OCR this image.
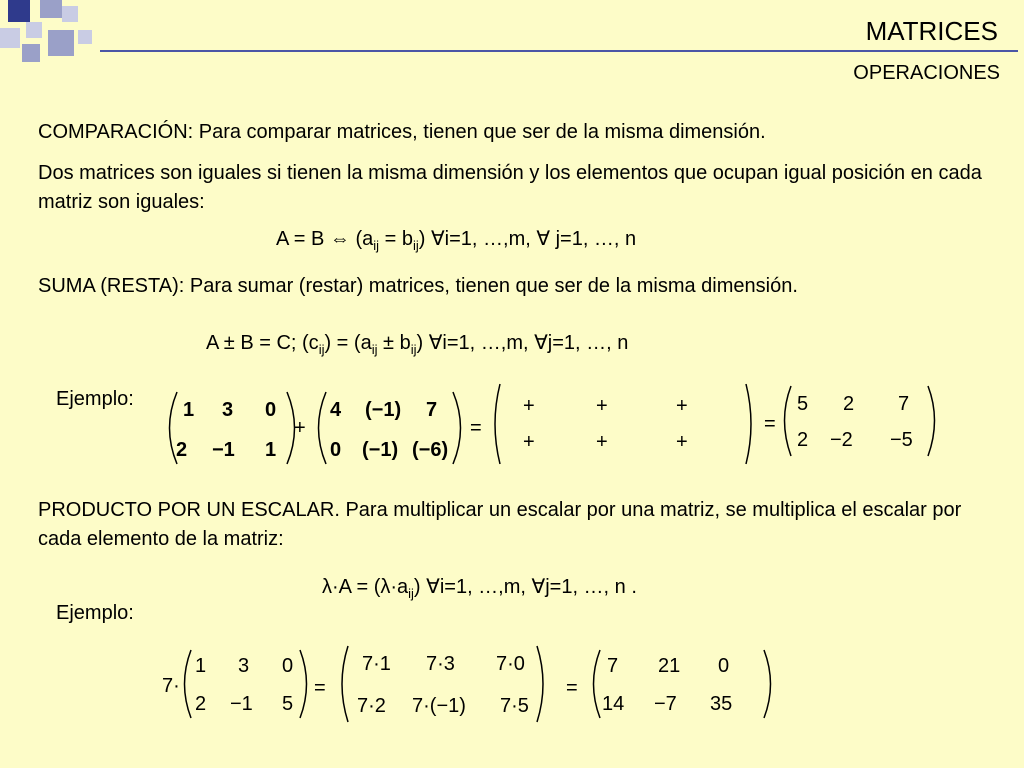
MATRICES
OPERACIONES
COMPARACIÓN: Para comparar matrices, tienen que ser de la misma dimensión.
Dos matrices son iguales si tienen la misma dimensión y los elementos que ocupan igual posición en cada matriz son iguales:
A = B ⇔ $(a_{ij} = b_{ij})$ ∀i=1, …,m, ∀ j=1, …, n
SUMA (RESTA): Para sumar (restar) matrices, tienen que ser de la misma dimensión.
A ± B = C; $(c_{ij}) = (a_{ij} \pm b_{ij})$ ∀i=1, …,m, ∀j=1, …, n
Ejemplo:
PRODUCTO POR UN ESCALAR. Para multiplicar un escalar por una matriz, se multiplica el escalar por cada elemento de la matriz:
$\lambda\cdot A = (\lambda\cdot a_{ij})$ ∀i=1, …,m, ∀j=1, …, n .
Ejemplo:
1 3 0
2 −1 1
+
4 (−1) 7
0 (−1) (−6)
=
+	+	+
+	+	+
=
5 2 7
2 −2 −5
7·
1 3 0
2 −1 5
=
7·1 7·3 7·0
7·2 7·(−1) 7·5
=
7 21 0
14 −7 35
